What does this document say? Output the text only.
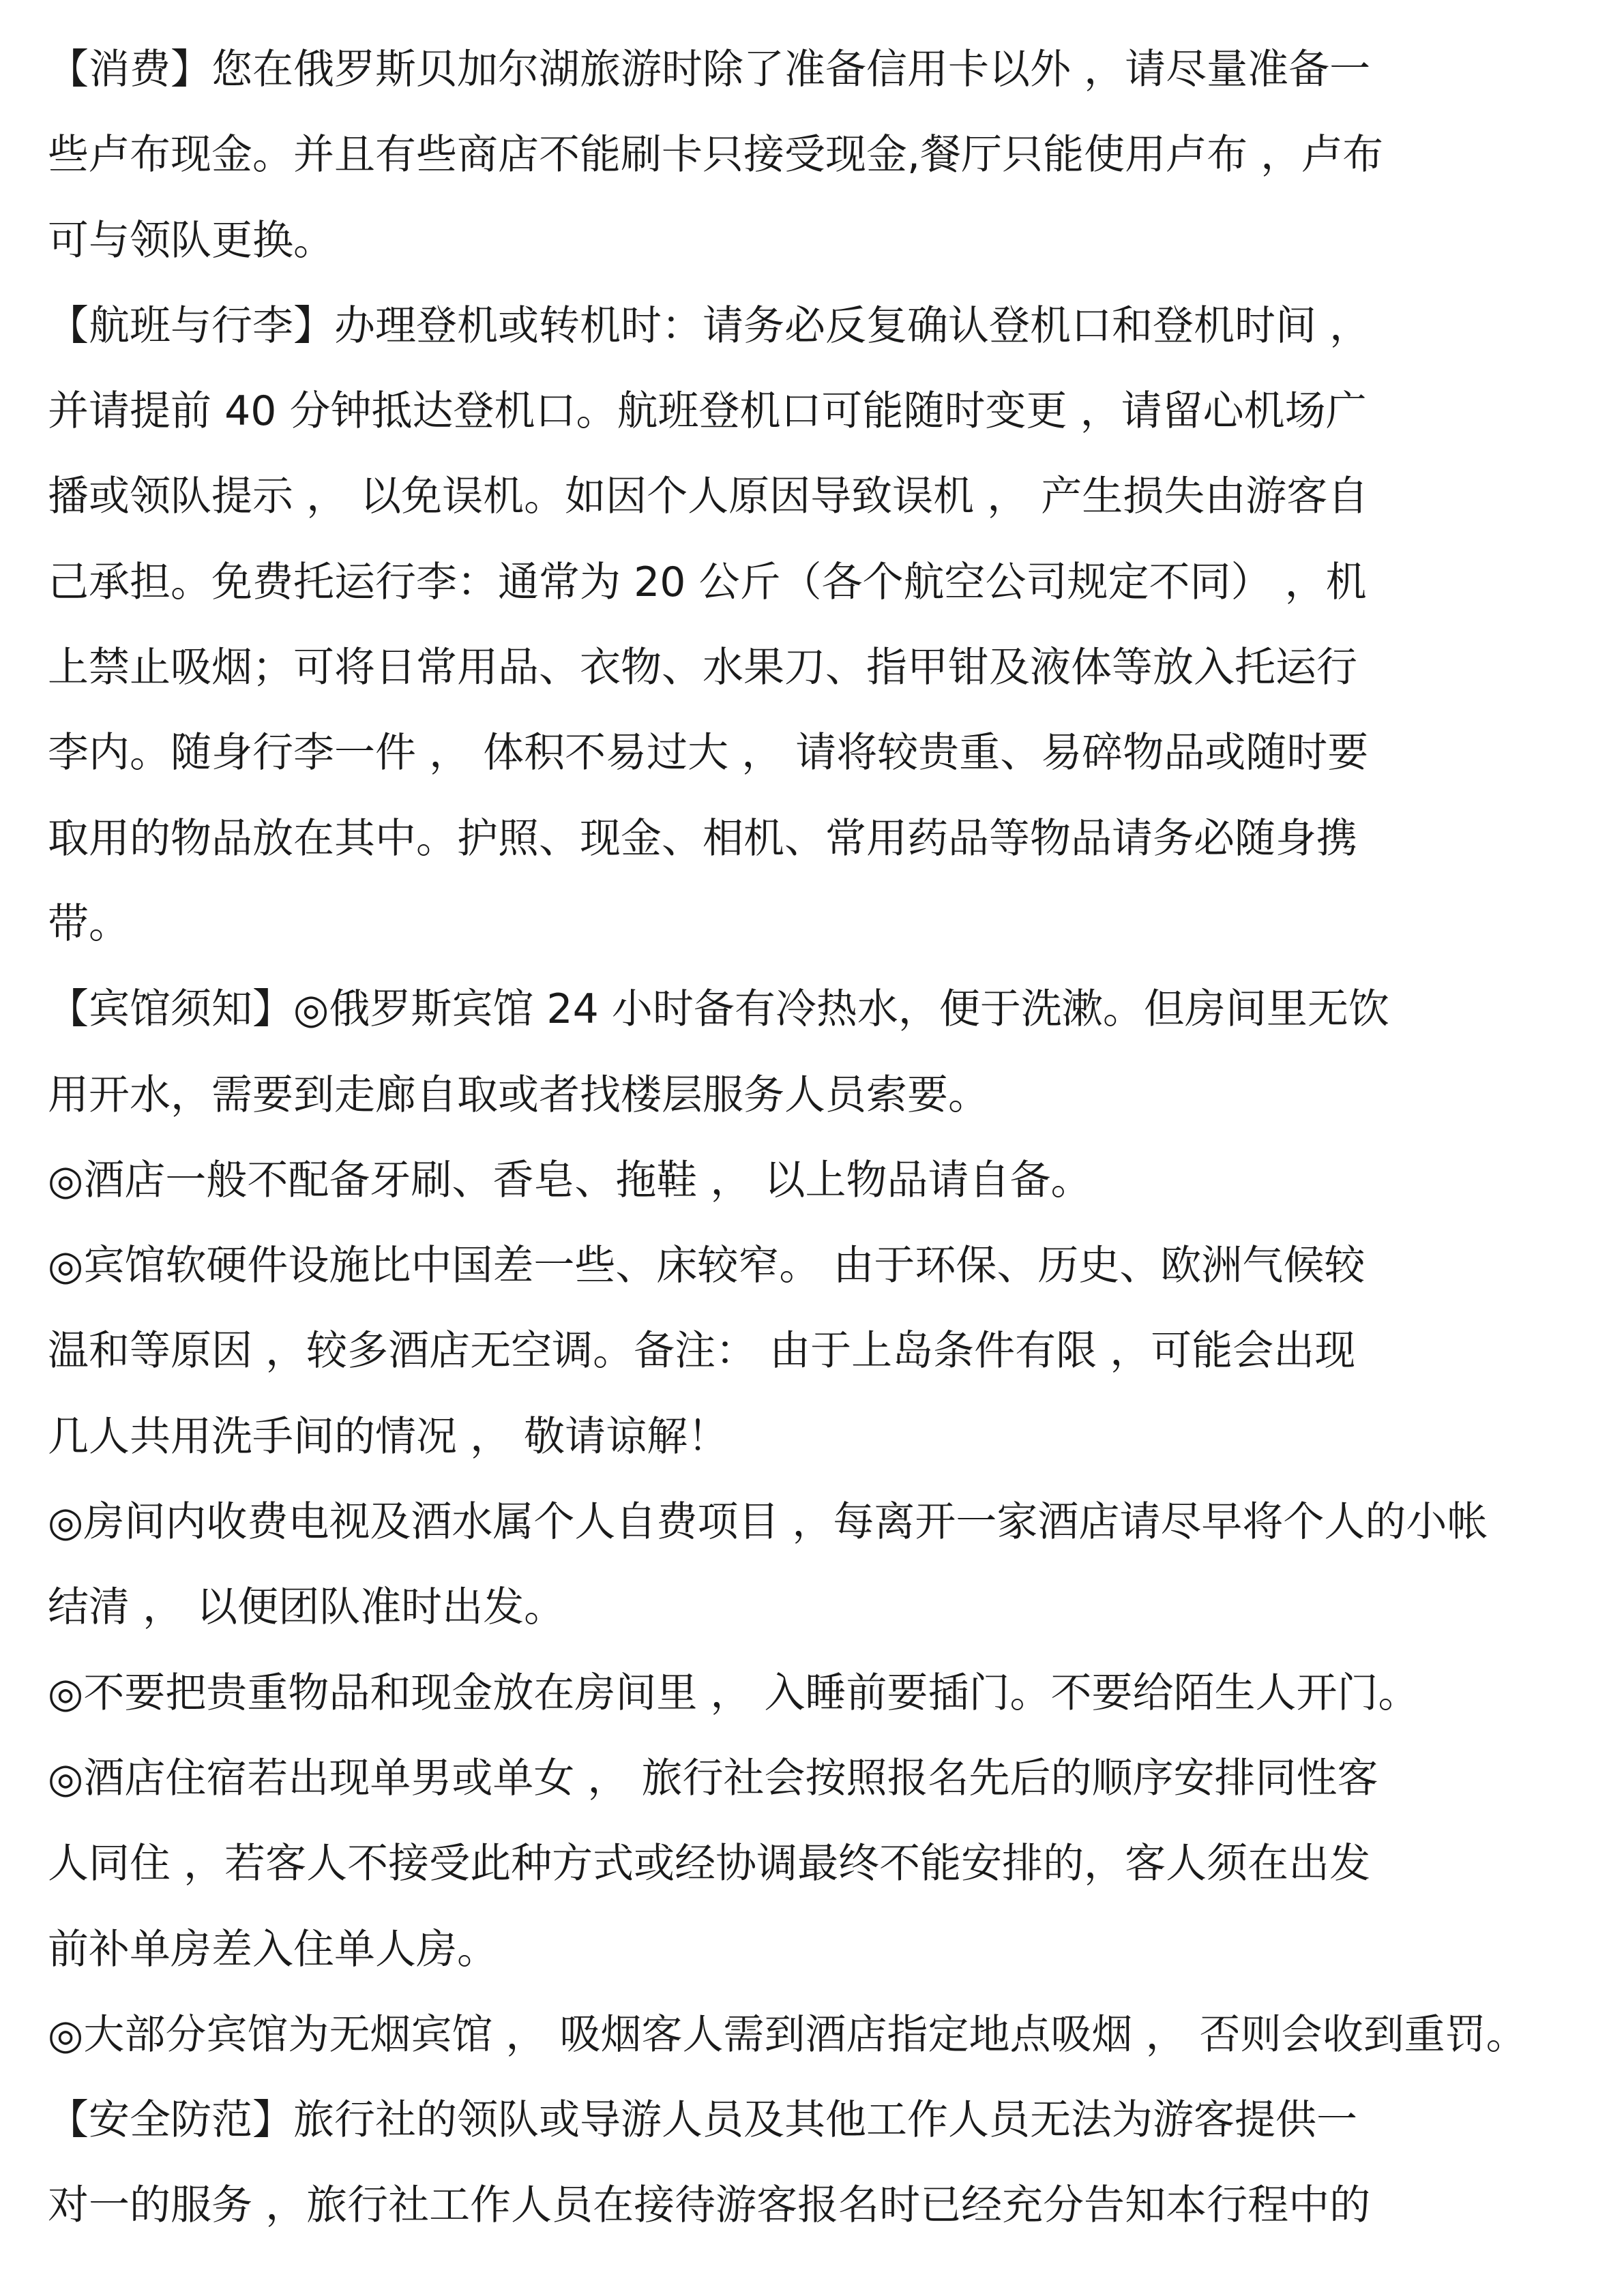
【消费】您在俄罗斯贝加尔湖旅游时除了准备信用卡以外 ，请尽量准备一
些卢布现金。并且有些商店不能刷卡只接受现金,餐厅只能使用卢布 ，卢布
可与领队更换。
【航班与行李】办理登机或转机时：请务必反复确认登机口和登机时间 ，
并请提前 40 分钟抵达登机口。航班登机口可能随时变更 ，请留心机场广
播或领队提示 ， 以免误机。如因个人原因导致误机 ， 产生损失由游客自
己承担。免费托运行李：通常为 20 公斤（各个航空公司规定不同） ，机
上禁止吸烟；可将日常用品、衣物、水果刀、指甲钳及液体等放入托运行
李内。随身行李一件 ， 体积不易过大 ， 请将较贵重、易碎物品或随时要
取用的物品放在其中。护照、现金、相机、常用药品等物品请务必随身携
带。
【宾馆须知】◎俄罗斯宾馆 24 小时备有冷热水，便于洗漱。但房间里无饮
用开水，需要到走廊自取或者找楼层服务人员索要。
◎酒店一般不配备牙刷、香皂、拖鞋 ， 以上物品请自备。
◎宾馆软硬件设施比中国差一些、床较窄。 由于环保、历史、欧洲气候较
温和等原因 ，较多酒店无空调。备注： 由于上岛条件有限 ，可能会出现
几人共用洗手间的情况 ， 敬请谅解！
◎房间内收费电视及酒水属个人自费项目 ，每离开一家酒店请尽早将个人的小帐
结清 ， 以便团队准时出发。
◎不要把贵重物品和现金放在房间里 ， 入睡前要插门。不要给陌生人开门。
◎酒店住宿若出现单男或单女 ， 旅行社会按照报名先后的顺序安排同性客
人同住 ，若客人不接受此种方式或经协调最终不能安排的，客人须在出发
前补单房差入住单人房。
◎大部分宾馆为无烟宾馆 ， 吸烟客人需到酒店指定地点吸烟 ， 否则会收到重罚。
【安全防范】旅行社的领队或导游人员及其他工作人员无法为游客提供一
对一的服务 ，旅行社工作人员在接待游客报名时已经充分告知本行程中的
